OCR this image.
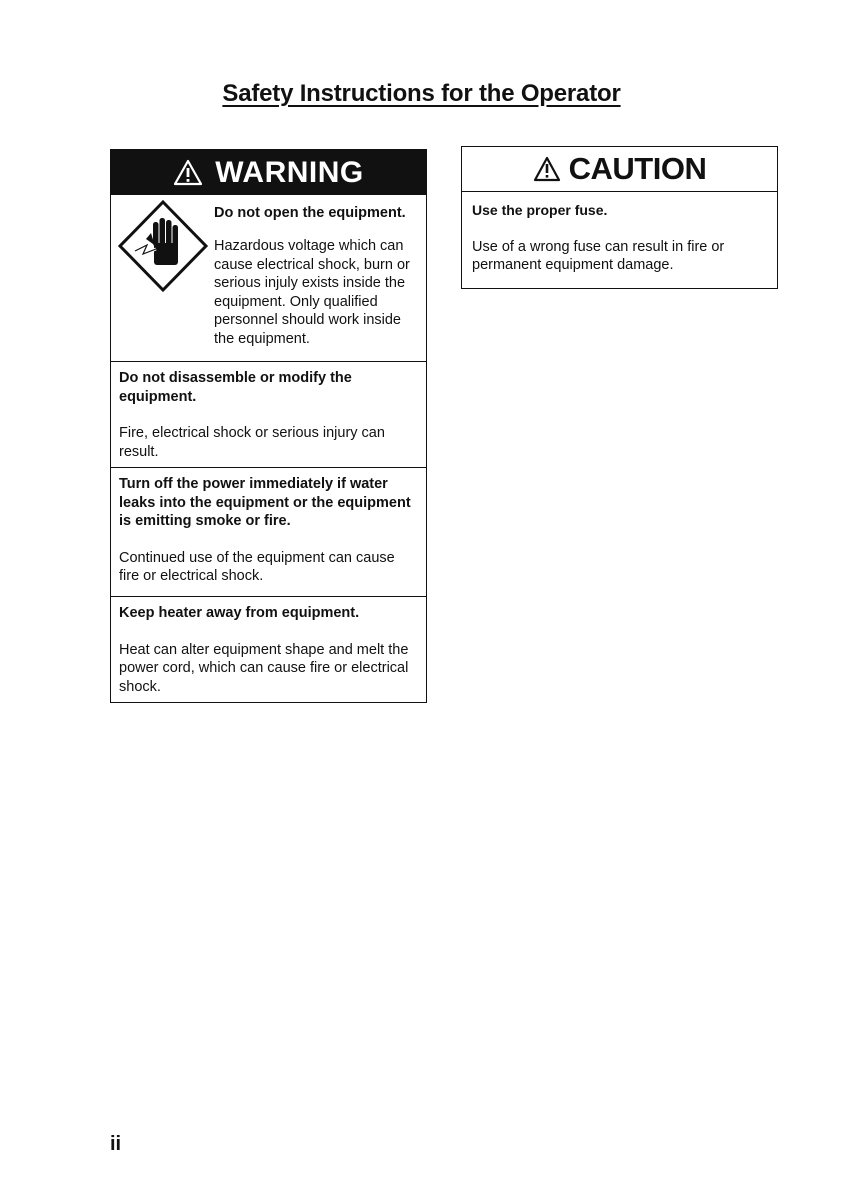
Safety Instructions for the Operator
WARNING
Do not open the equipment.
Hazardous voltage which can cause electrical shock, burn or serious injuly exists inside the equipment. Only qualified personnel should work inside the equipment.
Do not disassemble or modify the equipment.
Fire, electrical shock or serious injury can result.
Turn off the power immediately if water leaks into the equipment or the equipment is emitting smoke or fire.
Continued use of the equipment can cause fire or electrical shock.
Keep heater away from equipment.
Heat can alter equipment shape and melt the power cord, which can cause fire or electrical shock.
CAUTION
Use the proper fuse.
Use of a wrong fuse can result in fire or permanent equipment damage.
ii
